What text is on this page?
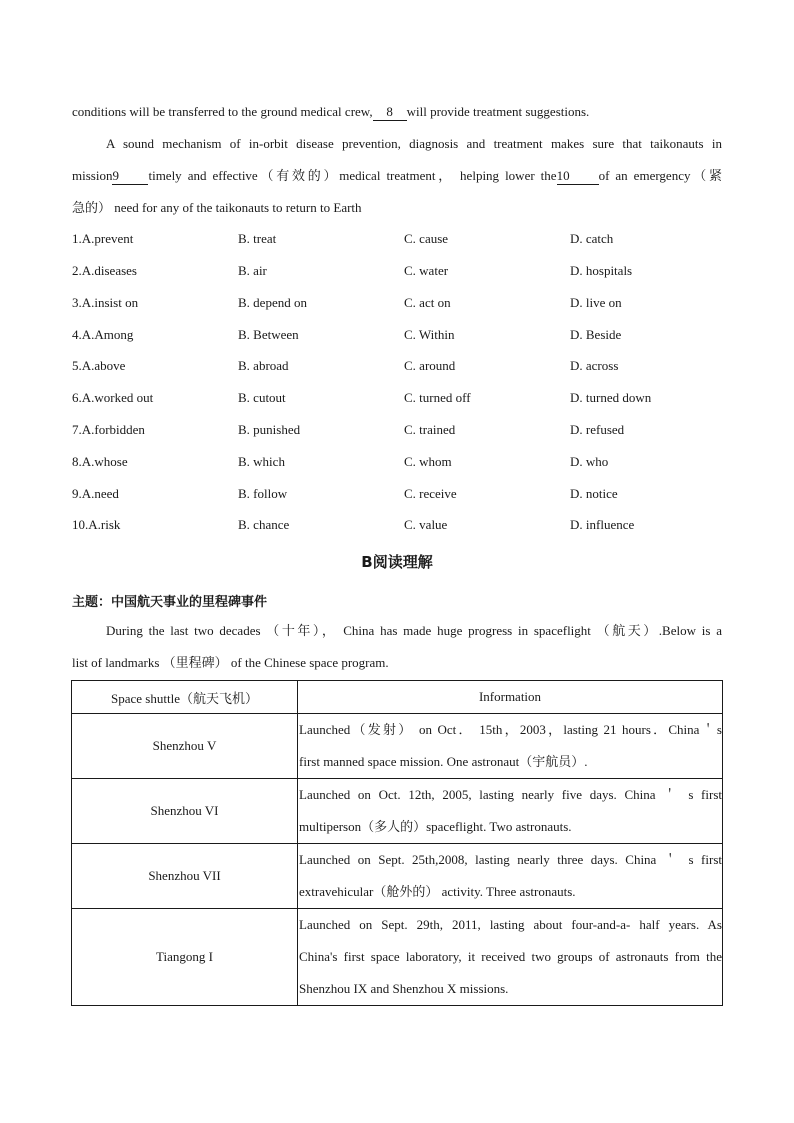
conditions will be transferred to the ground medical crew, 8 will provide treatment suggestions.
A sound mechanism of in-orbit disease prevention, diagnosis and treatment makes sure that taikonauts in
mission9 timely and effective（有效的）medical treatment， helping lower the10 of an emergency（紧
急的） need for any of the taikonauts to return to Earth
1.A.prevent	B. treat	C. cause	D. catch
2.A.diseases	B. air	C. water	D. hospitals
3.A.insist on	B. depend on	C. act on	D. live on
4.A.Among	B. Between	C. Within	D. Beside
5.A.above	B. abroad	C. around	D. across
6.A.worked out	B. cutout	C. turned off	D. turned down
7.A.forbidden	B. punished	C. trained	D. refused
8.A.whose	B. which	C. whom	D. who
9.A.need	B. follow	C. receive	D. notice
10.A.risk	B. chance	C. value	D. influence
B阅读理解
主题：中国航天事业的里程碑事件
During the last two decades （十年）， China has made huge progress in spaceflight （航天）.Below is a
list of landmarks （里程碑） of the Chinese space program.
Space shuttle（航天飞机）	Information
Shenzhou V	Launched（发射） on Oct． 15th，2003，lasting 21 hours．China＇s
first manned space mission. One astronaut（宇航员）.

Shenzhou VI	Launched on Oct. 12th, 2005, lasting nearly five days. China ＇ s first
multiperson（多人的）spaceflight. Two astronauts.

Shenzhou VII	Launched on Sept. 25th,2008, lasting nearly three days. China ＇ s first
extravehicular（舱外的） activity. Three astronauts.

Tiangong I	Launched on Sept. 29th, 2011, lasting about four-and-a- half years. As
China's first space laboratory, it received two groups of astronauts from the
Shenzhou IX and Shenzhou X missions.
